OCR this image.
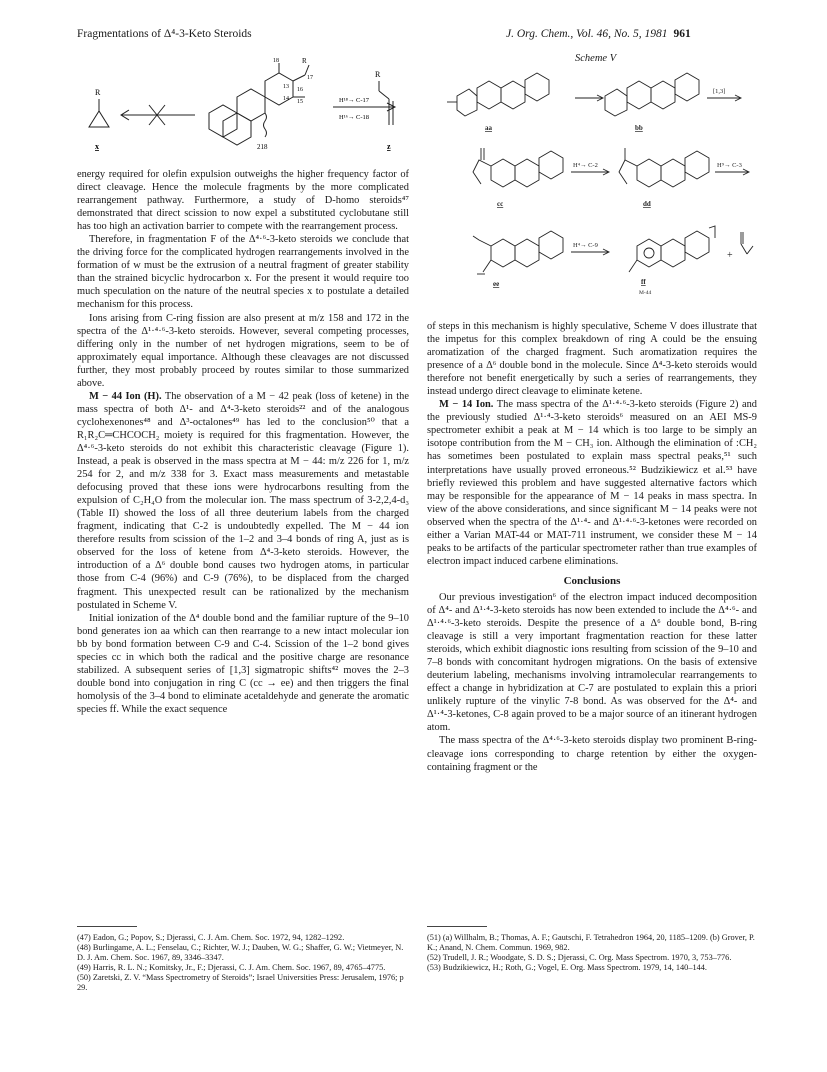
Fragmentations of Δ⁴-3-Keto Steroids	J. Org. Chem., Vol. 46, No. 5, 1981 961
R
R
R
18
17
13
14 15
16
218
H¹⁸→ C-17
H¹⁶→ C-18
x	z
Scheme V
aa	bb
[1,3]
cc	dd
H⁴→ C-2	H⁹→ C-3
ee	ff
M-44
H⁴→ C-9
+

energy required for olefin expulsion outweighs the higher frequency factor of direct cleavage. Hence the molecule fragments by the more complicated rearrangement pathway. Furthermore, a study of D-homo steroids⁴⁷ demonstrated that direct scission to now expel a substituted cyclobutane still has too high an activation barrier to compete with the rearrangement process.

Therefore, in fragmentation F of the Δ⁴·⁶-3-keto steroids we conclude that the driving force for the complicated hydrogen rearrangements involved in the formation of w must be the extrusion of a neutral fragment of greater stability than the strained bicyclic hydrocarbon x. For the present it would require too much speculation on the nature of the neutral species x to postulate a detailed mechanism for this process.

Ions arising from C-ring fission are also present at m/z 158 and 172 in the spectra of the Δ¹·⁴·⁶-3-keto steroids. However, several competing processes, differing only in the number of net hydrogen migrations, seem to be of approximately equal importance. Although these cleavages are not discussed further, they most probably proceed by routes similar to those summarized above.

M − 44 Ion (H). The observation of a M − 42 peak (loss of ketene) in the mass spectra of both Δ¹- and Δ⁴-3-keto steroids²² and of the analogous cyclohexenones⁴⁸ and Δ³-octalones⁴⁹ has led to the conclusion⁵⁰ that a R₁R₂C═CHCOCH₂ moiety is required for this fragmentation. However, the Δ⁴·⁶-3-keto steroids do not exhibit this characteristic cleavage (Figure 1). Instead, a peak is observed in the mass spectra at M − 44: m/z 226 for 1, m/z 254 for 2, and m/z 338 for 3. Exact mass measurements and metastable defocusing proved that these ions were hydrocarbons resulting from the expulsion of C₂H₄O from the molecular ion. The mass spectrum of 3-2,2,4-d₃ (Table II) showed the loss of all three deuterium labels from the charged fragment, indicating that C-2 is undoubtedly expelled. The M − 44 ion therefore results from scission of the 1–2 and 3–4 bonds of ring A, just as is observed for the loss of ketene from Δ⁴-3-keto steroids. However, the introduction of a Δ⁶ double bond causes two hydrogen atoms, in particular those from C-4 (96%) and C-9 (76%), to be displaced from the charged fragment. This unexpected result can be rationalized by the mechanism postulated in Scheme V.

Initial ionization of the Δ⁴ double bond and the familiar rupture of the 9–10 bond generates ion aa which can then rearrange to a new intact molecular ion bb by bond formation between C-9 and C-4. Scission of the 1–2 bond gives species cc in which both the radical and the positive charge are resonance stabilized. A subsequent series of [1,3] sigmatropic shifts⁴² moves the 2–3 double bond into conjugation in ring C (cc → ee) and then triggers the final homolysis of the 3–4 bond to eliminate acetaldehyde and generate the aromatic species ff. While the exact sequence

of steps in this mechanism is highly speculative, Scheme V does illustrate that the impetus for this complex breakdown of ring A could be the ensuing aromatization of the charged fragment. Such aromatization requires the presence of a Δ⁶ double bond in the molecule. Since Δ⁴-3-keto steroids would therefore not benefit energetically by such a series of rearrangements, they instead undergo direct cleavage to eliminate ketene.

M − 14 Ion. The mass spectra of the Δ¹·⁴·⁶-3-keto steroids (Figure 2) and the previously studied Δ¹·⁴-3-keto steroids⁶ measured on an AEI MS-9 spectrometer exhibit a peak at M − 14 which is too large to be simply an isotope contribution from the M − CH₃ ion. Although the elimination of :CH₂ has sometimes been postulated to explain mass spectral peaks,⁵¹ such interpretations have usually proved erroneous.⁵² Budzikiewicz et al.⁵³ have briefly reviewed this problem and have suggested alternative factors which may be responsible for the appearance of M − 14 peaks in mass spectra. In view of the above considerations, and since significant M − 14 peaks were not observed when the spectra of the Δ¹·⁴- and Δ¹·⁴·⁶-3-ketones were recorded on either a Varian MAT-44 or MAT-711 instrument, we consider these M − 14 peaks to be artifacts of the particular spectrometer rather than true examples of electron impact induced carbene eliminations.

Conclusions

Our previous investigation⁶ of the electron impact induced decomposition of Δ⁴- and Δ¹·⁴-3-keto steroids has now been extended to include the Δ⁴·⁶- and Δ¹·⁴·⁶-3-keto steroids. Despite the presence of a Δ⁶ double bond, B-ring cleavage is still a very important fragmentation reaction for these latter steroids, which exhibit diagnostic ions resulting from scission of the 9–10 and 7–8 bonds with concomitant hydrogen migrations. On the basis of extensive deuterium labeling, mechanisms involving intramolecular rearrangements to effect a change in hybridization at C-7 are postulated to explain this a priori unlikely rupture of the vinylic 7-8 bond. As was observed for the Δ⁴- and Δ¹·⁴-3-ketones, C-8 again proved to be a major source of an itinerant hydrogen atom.

The mass spectra of the Δ⁴·⁶-3-keto steroids display two prominent B-ring-cleavage ions corresponding to charge retention by either the oxygen-containing fragment or the

(47) Eadon, G.; Popov, S.; Djerassi, C. J. Am. Chem. Soc. 1972, 94, 1282–1292.
(48) Burlingame, A. L.; Fenselau, C.; Richter, W. J.; Dauben, W. G.; Shaffer, G. W.; Vietmeyer, N. D. J. Am. Chem. Soc. 1967, 89, 3346–3347.
(49) Harris, R. L. N.; Komitsky, Jr., F.; Djerassi, C. J. Am. Chem. Soc. 1967, 89, 4765–4775.
(50) Zaretski, Z. V. “Mass Spectrometry of Steroids”; Israel Universities Press: Jerusalem, 1976; p 29.
(51) (a) Willhalm, B.; Thomas, A. F.; Gautschi, F. Tetrahedron 1964, 20, 1185–1209. (b) Grover, P. K.; Anand, N. Chem. Commun. 1969, 982.
(52) Trudell, J. R.; Woodgate, S. D. S.; Djerassi, C. Org. Mass Spectrom. 1970, 3, 753–776.
(53) Budzikiewicz, H.; Roth, G.; Vogel, E. Org. Mass Spectrom. 1979, 14, 140–144.
